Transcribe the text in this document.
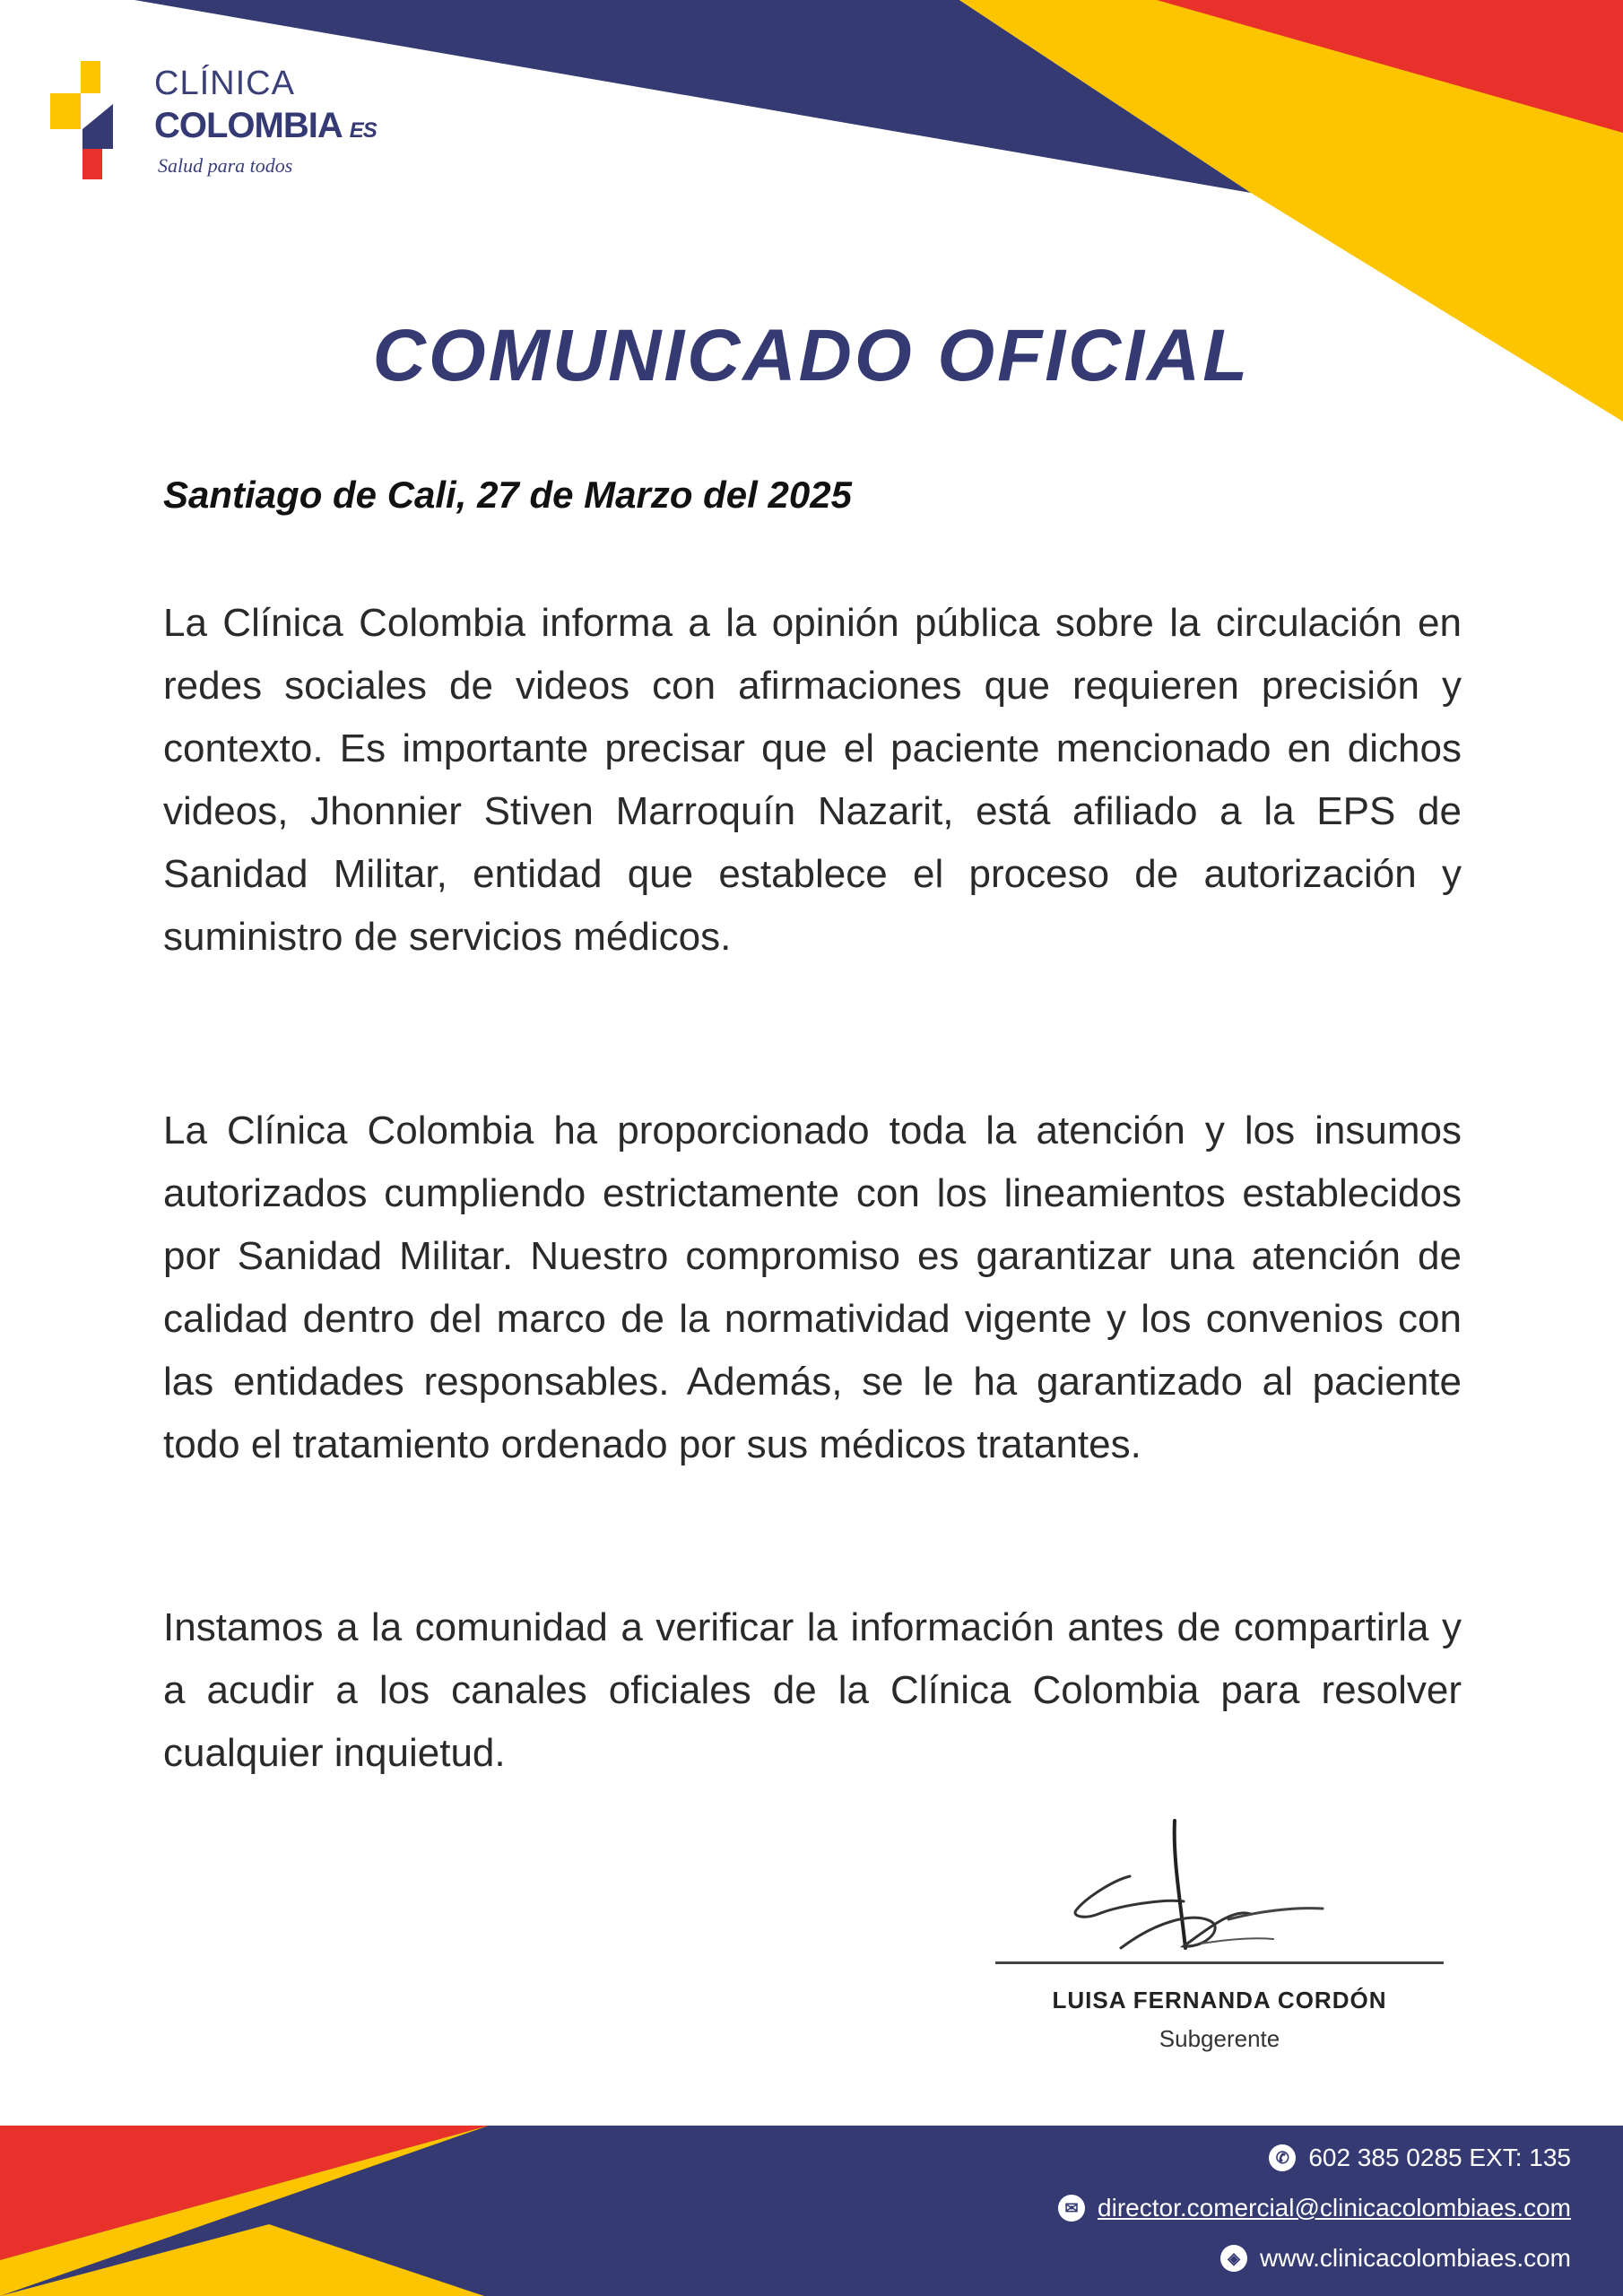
CLÍNICA
COLOMBIA ES
Salud para todos
COMUNICADO OFICIAL
Santiago de Cali, 27 de Marzo del 2025

La Clínica Colombia informa a la opinión pública sobre la circulación en redes sociales de videos con afirmaciones que requieren precisión y contexto. Es importante precisar que el paciente mencionado en dichos videos, Jhonnier Stiven Marroquín Nazarit, está afiliado a la EPS de Sanidad Militar, entidad que establece el proceso de autorización y suministro de servicios médicos.

La Clínica Colombia ha proporcionado toda la atención y los insumos autorizados cumpliendo estrictamente con los lineamientos establecidos por Sanidad Militar. Nuestro compromiso es garantizar una atención de calidad dentro del marco de la normatividad vigente y los convenios con las entidades responsables. Además, se le ha garantizado al paciente todo el tratamiento ordenado por sus médicos tratantes.

Instamos a la comunidad a verificar la información antes de compartirla y a acudir a los canales oficiales de la Clínica Colombia para resolver cualquier inquietud.

LUISA FERNANDA CORDÓN
Subgerente
✆ 602 385 0285 EXT: 135
✉ director.comercial@clinicacolombiaes.com
◈ www.clinicacolombiaes.com
